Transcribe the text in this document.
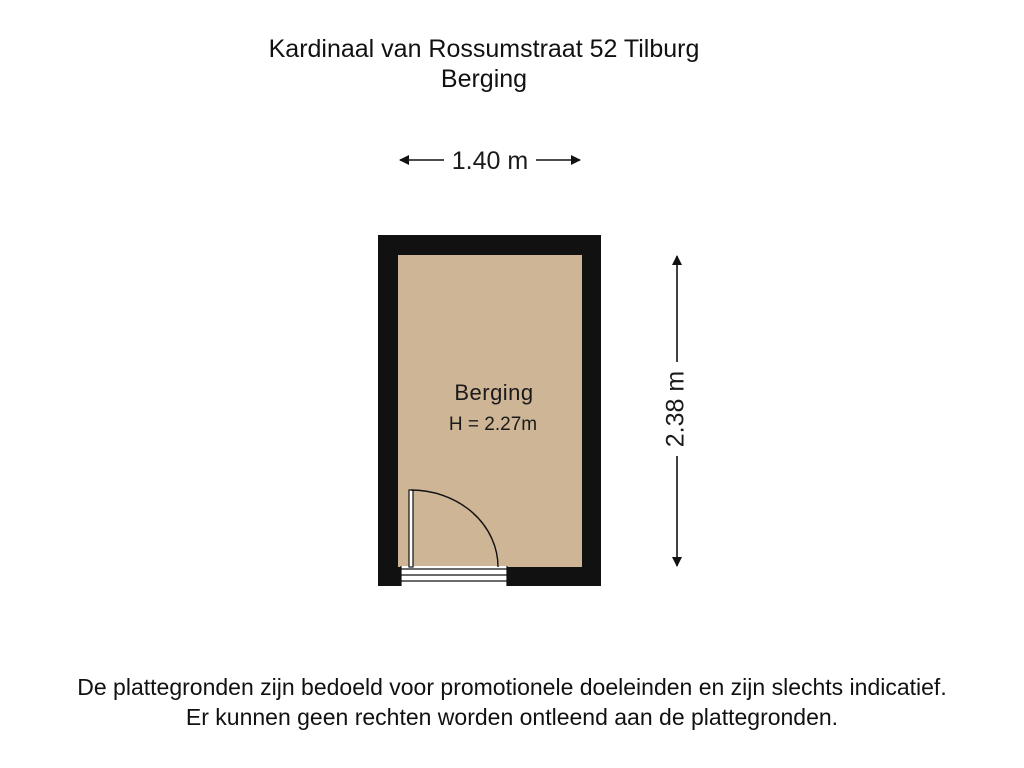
Kardinaal van Rossumstraat 52 Tilburg
Berging
1.40 m
2.38 m
Berging
H = 2.27m
De plattegronden zijn bedoeld voor promotionele doeleinden en zijn slechts indicatief.
Er kunnen geen rechten worden ontleend aan de plattegronden.
